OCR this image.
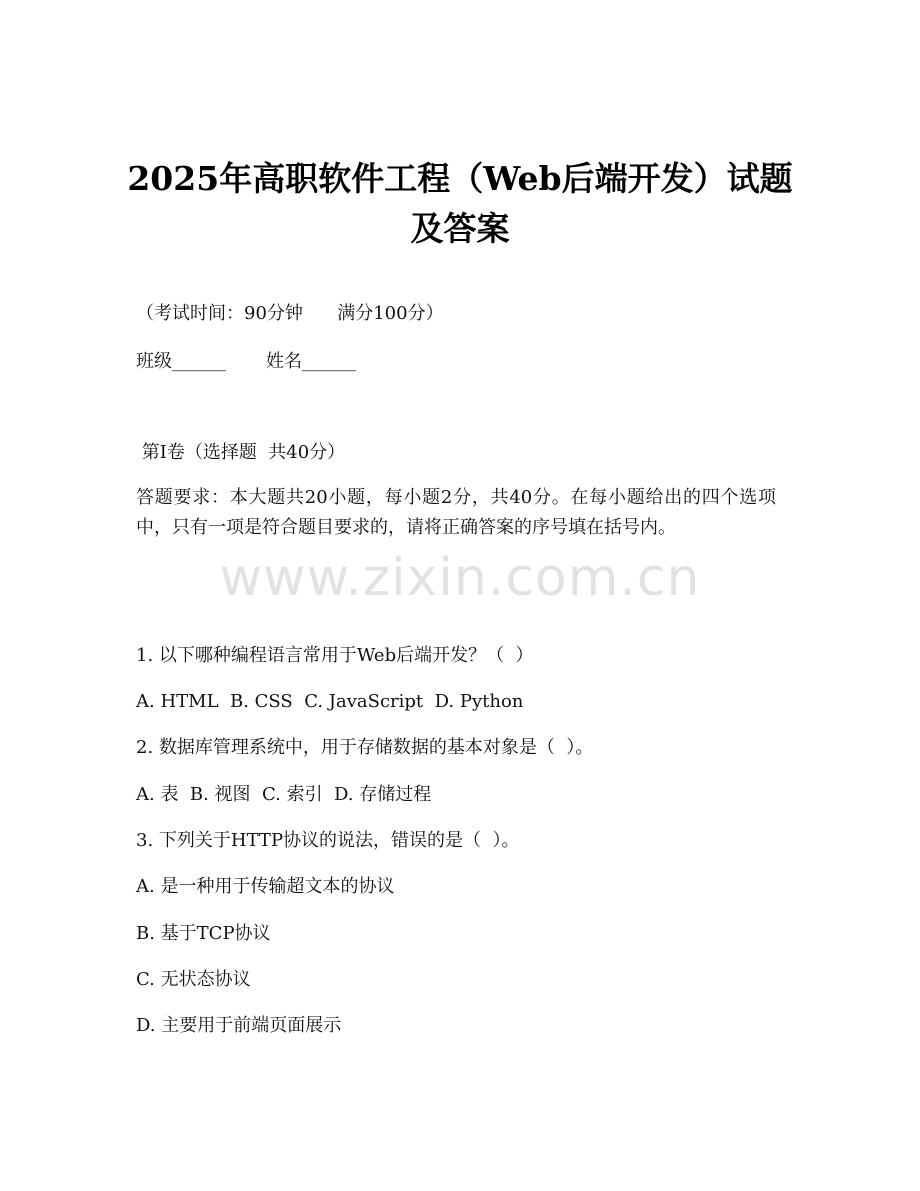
2025年高职软件工程（Web后端开发）试题
及答案
（考试时间：90分钟      满分100分）
班级______       姓名______
第Ⅰ卷（选择题  共40分）
答题要求：本大题共20小题，每小题2分，共40分。在每小题给出的四个选项中，只有一项是符合题目要求的，请将正确答案的序号填在括号内。
www.zixin.com.cn
1. 以下哪种编程语言常用于Web后端开发？（  ）
A. HTML  B. CSS  C. JavaScript  D. Python
2. 数据库管理系统中，用于存储数据的基本对象是（  ）。
A. 表  B. 视图  C. 索引  D. 存储过程
3. 下列关于HTTP协议的说法，错误的是（  ）。
A. 是一种用于传输超文本的协议
B. 基于TCP协议
C. 无状态协议
D. 主要用于前端页面展示
